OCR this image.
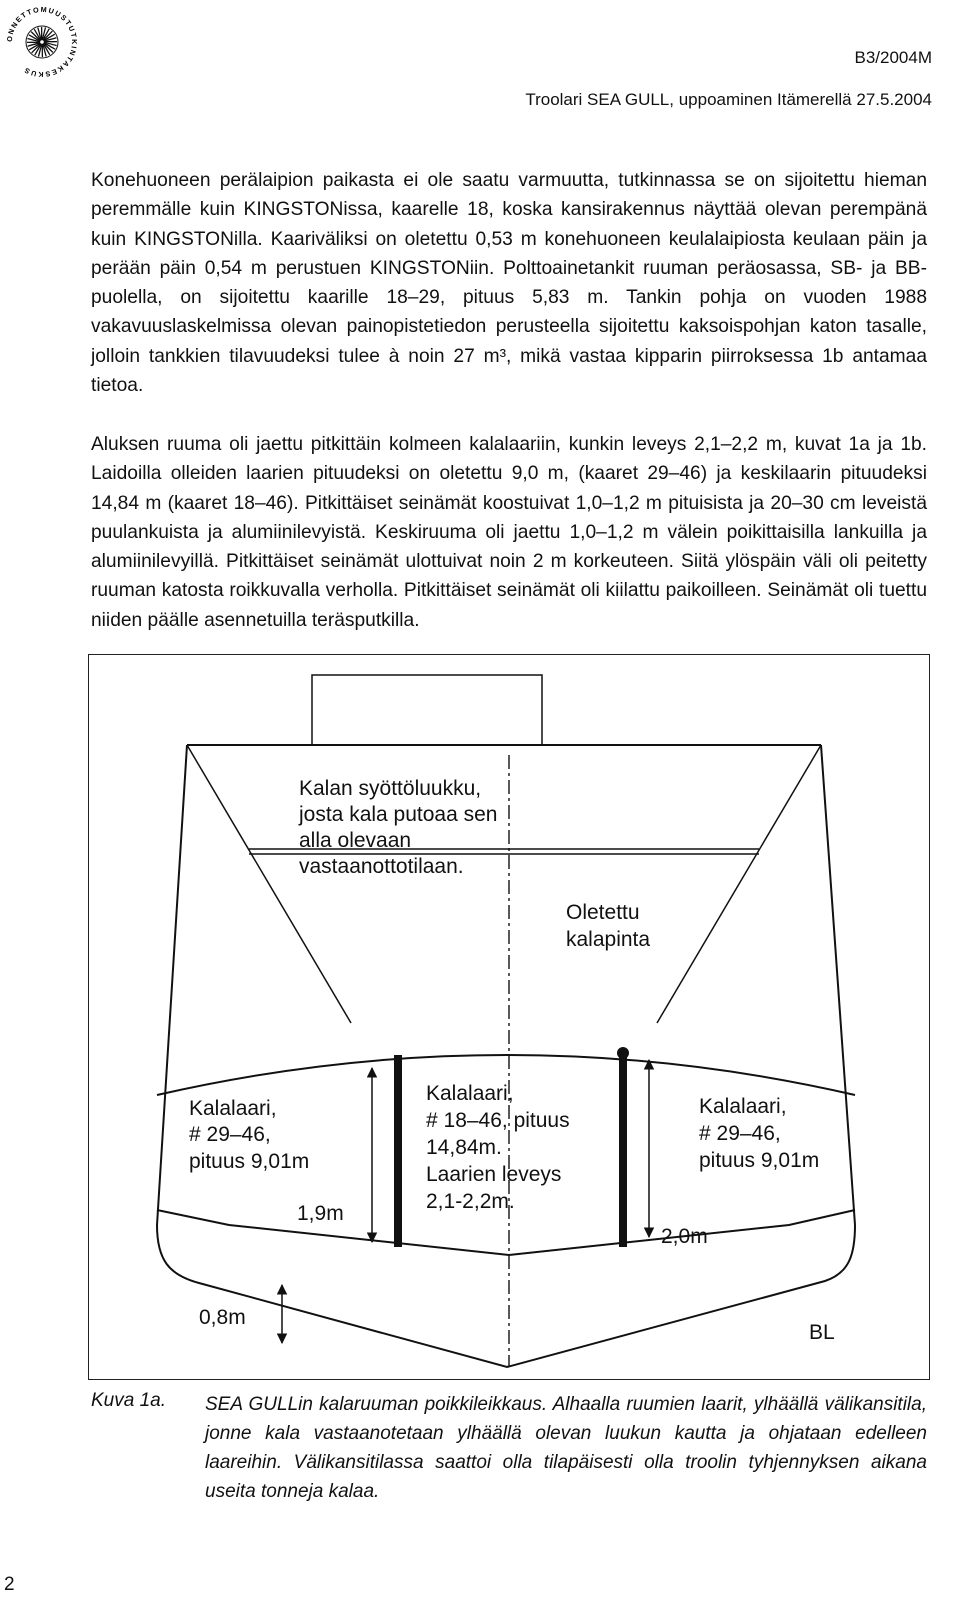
ONNETTOMUUSTUTKINTAKESKUS
B3/2004M
Troolari SEA GULL, uppoaminen Itämerellä 27.5.2004

Konehuoneen perälaipion paikasta ei ole saatu varmuutta, tutkinnassa se on sijoitettu hieman peremmälle kuin KINGSTONissa, kaarelle 18, koska kansirakennus näyttää olevan perempänä kuin KINGSTONilla. Kaariväliksi on oletettu 0,53 m konehuoneen keulalaipiosta keulaan päin ja perään päin 0,54 m perustuen KINGSTONiin. Polttoainetankit ruuman peräosassa, SB- ja BB-puolella, on sijoitettu kaarille 18–29, pituus 5,83 m. Tankin pohja on vuoden 1988 vakavuuslaskelmissa olevan painopistetiedon perusteella sijoitettu kaksoispohjan katon tasalle, jolloin tankkien tilavuudeksi tulee à noin 27 m³, mikä vastaa kipparin piirroksessa 1b antamaa tietoa.

Aluksen ruuma oli jaettu pitkittäin kolmeen kalalaariin, kunkin leveys 2,1–2,2 m, kuvat 1a ja 1b. Laidoilla olleiden laarien pituudeksi on oletettu 9,0 m, (kaaret 29–46) ja keskilaarin pituudeksi 14,84 m (kaaret 18–46). Pitkittäiset seinämät koostuivat 1,0–1,2 m pituisista ja 20–30 cm leveistä puulankuista ja alumiinilevyistä. Keskiruuma oli jaettu 1,0–1,2 m välein poikittaisilla lankuilla ja alumiinilevyillä. Pitkittäiset seinämät ulottuivat noin 2 m korkeuteen. Siitä ylöspäin väli oli peitetty ruuman katosta roikkuvalla verholla. Pitkittäiset seinämät oli kiilattu paikoilleen. Seinämät oli tuettu niiden päälle asennetuilla teräsputkilla.

Kalan syöttöluukku, josta kala putoaa sen alla olevaan vastaanottotilaan.
Oletettu kalapinta
Kalalaari, # 29–46, pituus 9,01m
Kalalaari, # 18–46, pituus 14,84m. Laarien leveys 2,1-2,2m.
Kalalaari, # 29–46, pituus 9,01m
1,9m
2,0m
0,8m
BL
Kuva 1a. SEA GULLin kalaruuman poikkileikkaus. Alhaalla ruumien laarit, ylhäällä välikansitila, jonne kala vastaanotetaan ylhäällä olevan luukun kautta ja ohjataan edelleen laareihin. Välikansitilassa saattoi olla tilapäisesti olla troolin tyhjennyksen aikana useita tonneja kalaa.

2
